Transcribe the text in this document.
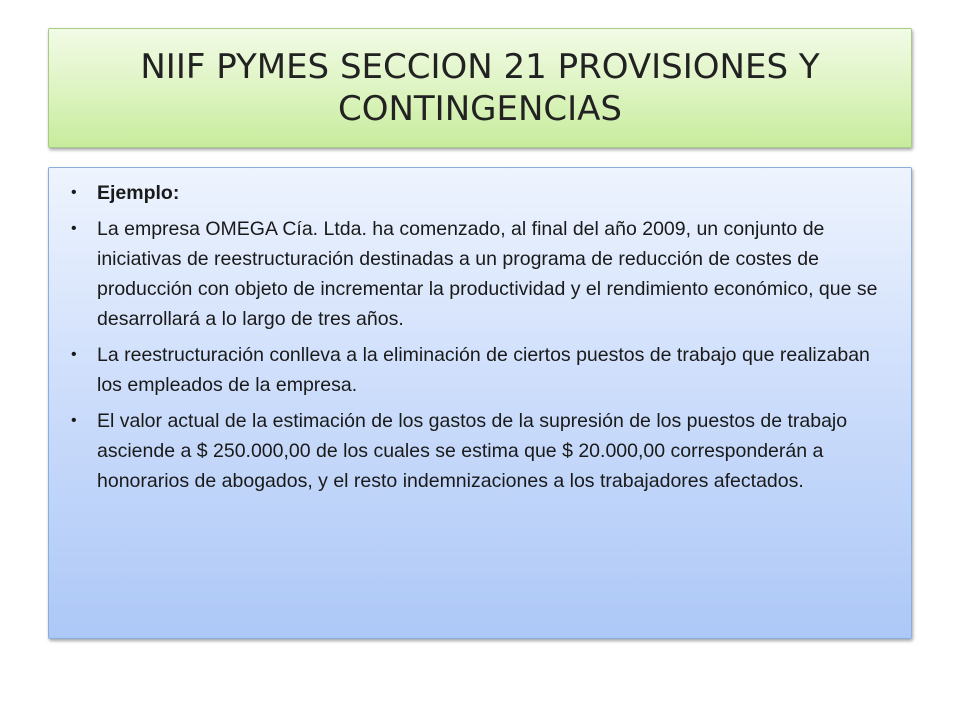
NIIF PYMES SECCION 21 PROVISIONES Y CONTINGENCIAS
• Ejemplo:
• La empresa OMEGA Cía. Ltda. ha comenzado, al final del año 2009, un conjunto de iniciativas de reestructuración destinadas a un programa de reducción de costes de producción con objeto de incrementar la productividad y el rendimiento económico, que se desarrollará a lo largo de tres años.
• La reestructuración conlleva a la eliminación de ciertos puestos de trabajo que realizaban los empleados de la empresa.
• El valor actual de la estimación de los gastos de la supresión de los puestos de trabajo asciende a $ 250.000,00 de los cuales se estima que $ 20.000,00 corresponderán a honorarios de abogados, y el resto indemnizaciones a los trabajadores afectados.
